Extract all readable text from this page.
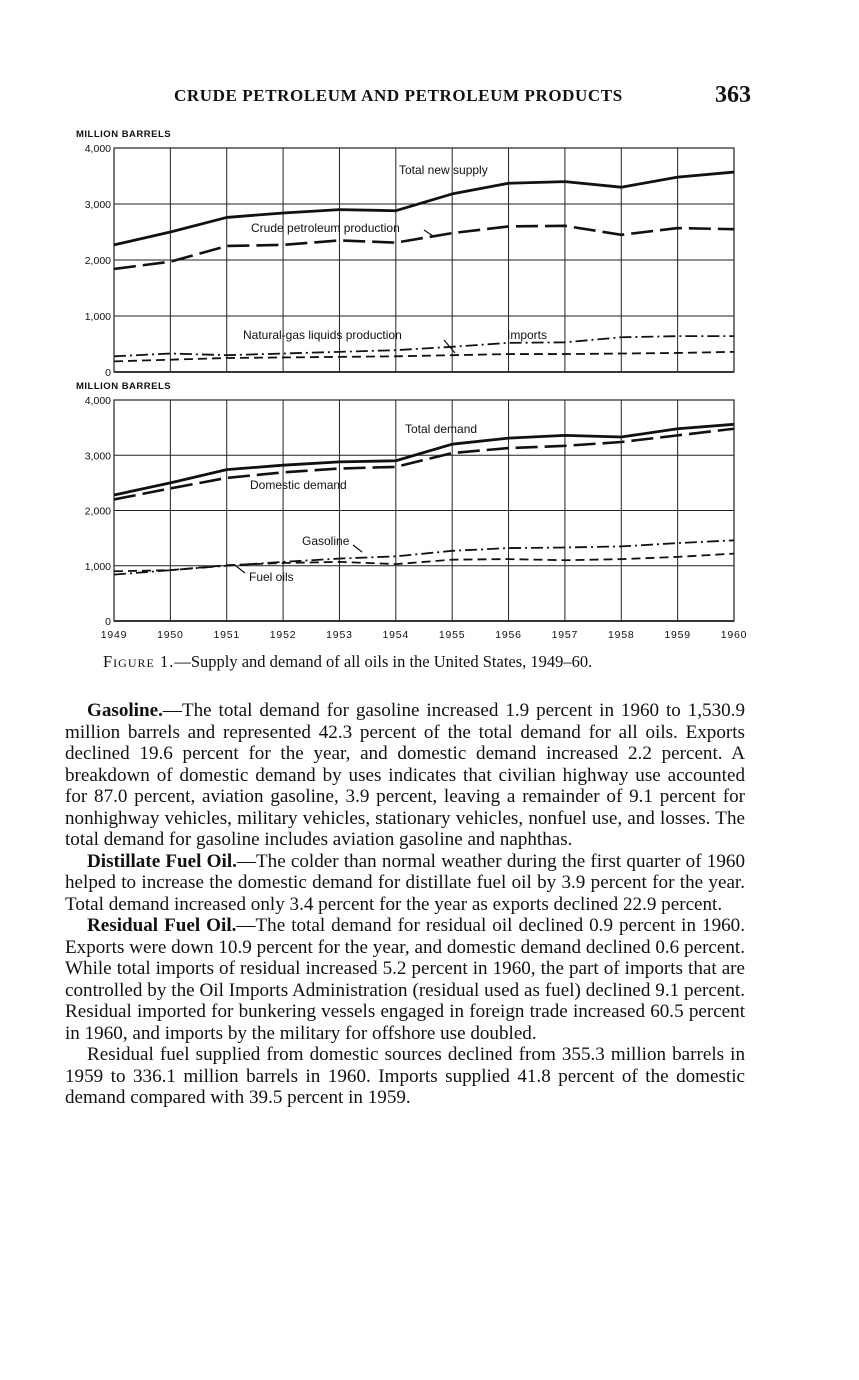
CRUDE PETROLEUM AND PETROLEUM PRODUCTS	363
0
1,000
2,000
3,000
4,000
MILLION BARRELS
Total new supply
Crude petroleum production
Natural-gas liquids production	Imports
0
1,000
2,000
3,000
4,000
MILLION BARRELS
Total demand
Domestic demand
Gasoline
Fuel oils
1949	1950	1951	1952	1953	1954	1955	1956	1957	1958	1959	1960
Figure 1.—Supply and demand of all oils in the United States, 1949–60.

Gasoline.—The total demand for gasoline increased 1.9 percent in 1960 to 1,530.9 million barrels and represented 42.3 percent of the total demand for all oils. Exports declined 19.6 percent for the year, and domestic demand increased 2.2 percent. A breakdown of domestic demand by uses indicates that civilian highway use accounted for 87.0 percent, aviation gasoline, 3.9 percent, leaving a remainder of 9.1 percent for nonhighway vehicles, military vehicles, stationary vehicles, nonfuel use, and losses. The total demand for gasoline includes aviation gasoline and naphthas.

Distillate Fuel Oil.—The colder than normal weather during the first quarter of 1960 helped to increase the domestic demand for distillate fuel oil by 3.9 percent for the year. Total demand increased only 3.4 percent for the year as exports declined 22.9 percent.

Residual Fuel Oil.—The total demand for residual oil declined 0.9 percent in 1960. Exports were down 10.9 percent for the year, and domestic demand declined 0.6 percent. While total imports of residual increased 5.2 percent in 1960, the part of imports that are controlled by the Oil Imports Administration (residual used as fuel) declined 9.1 percent. Residual imported for bunkering vessels engaged in foreign trade increased 60.5 percent in 1960, and imports by the military for offshore use doubled.

Residual fuel supplied from domestic sources declined from 355.3 million barrels in 1959 to 336.1 million barrels in 1960. Imports supplied 41.8 percent of the domestic demand compared with 39.5 percent in 1959.
